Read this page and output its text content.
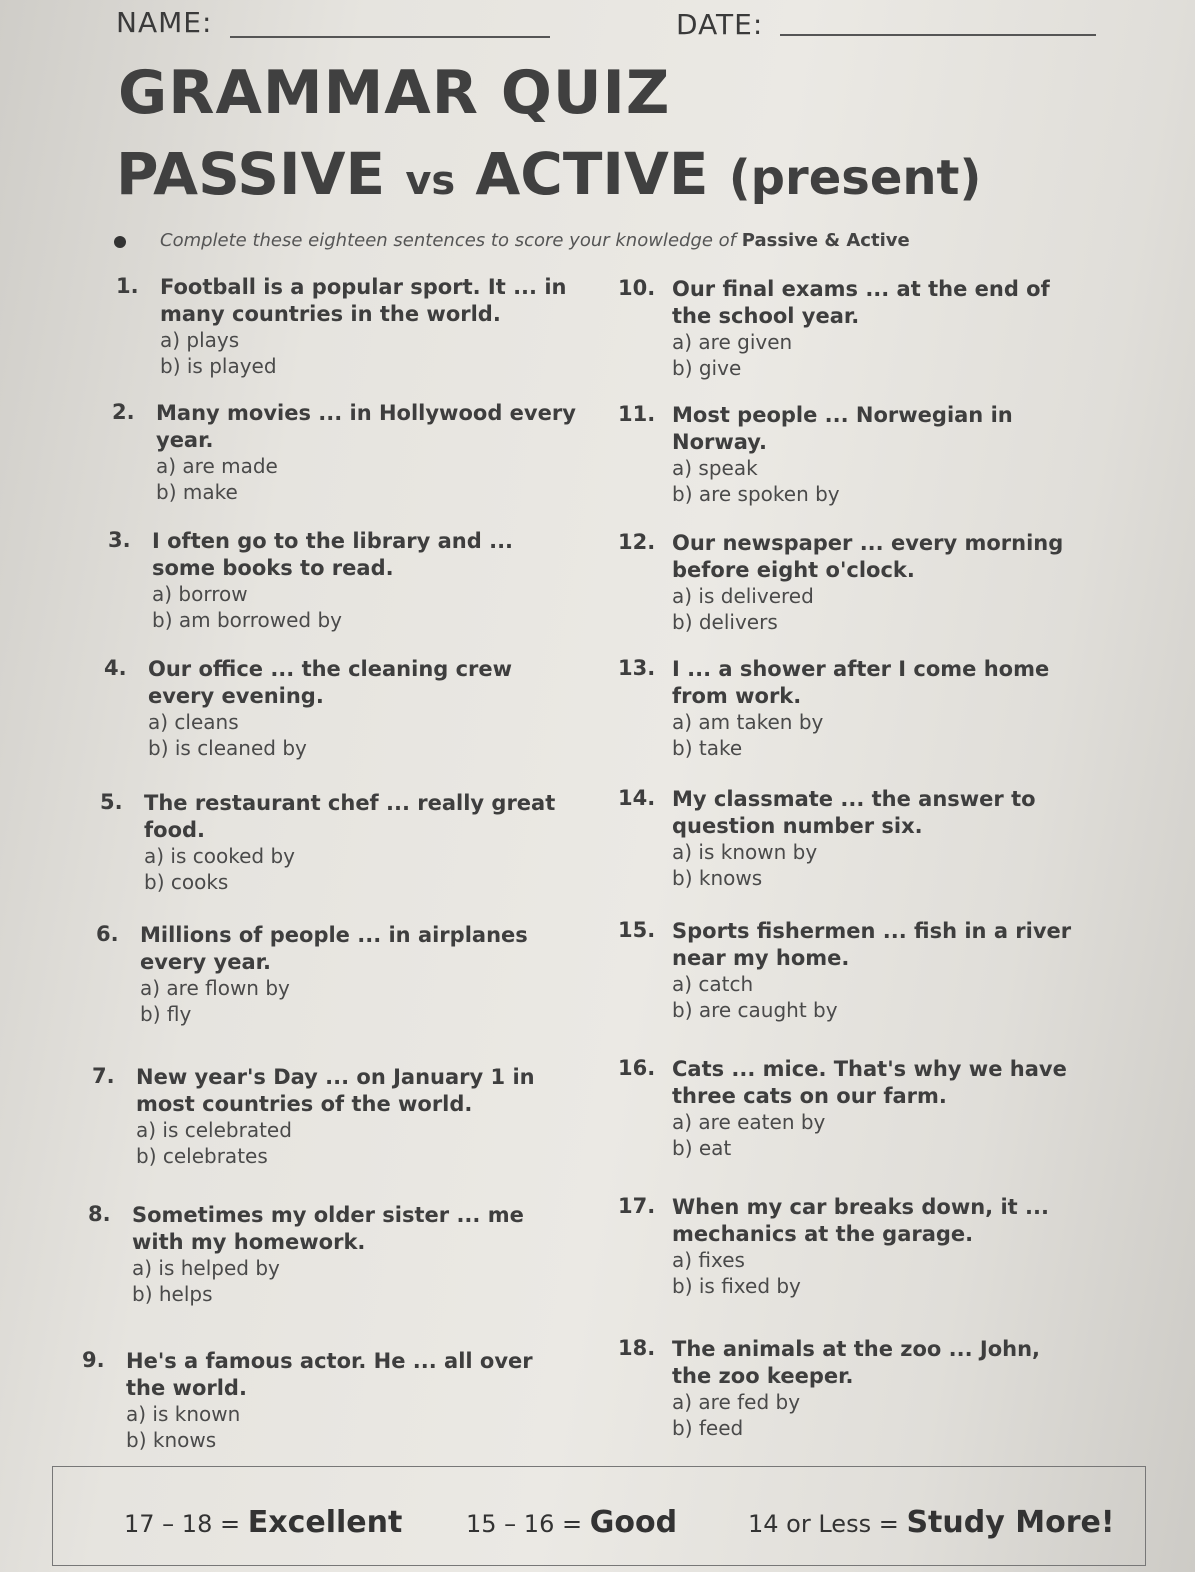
NAME:	DATE:
GRAMMAR QUIZ
PASSIVE vs ACTIVE (present)
Complete these eighteen sentences to score your knowledge of Passive & Active
1. Football is a popular sport. It ... in many countries in the world.
a) plays
b) is played
2. Many movies ... in Hollywood every year.
a) are made
b) make
3. I often go to the library and ... some books to read.
a) borrow
b) am borrowed by
4. Our office ... the cleaning crew every evening.
a) cleans
b) is cleaned by
5. The restaurant chef ... really great food.
a) is cooked by
b) cooks
6. Millions of people ... in airplanes every year.
a) are flown by
b) fly
7. New year's Day ... on January 1 in most countries of the world.
a) is celebrated
b) celebrates
8. Sometimes my older sister ... me with my homework.
a) is helped by
b) helps
9. He's a famous actor. He ... all over the world.
a) is known
b) knows
10. Our final exams ... at the end of the school year.
a) are given
b) give
11. Most people ... Norwegian in Norway.
a) speak
b) are spoken by
12. Our newspaper ... every morning before eight o'clock.
a) is delivered
b) delivers
13. I ... a shower after I come home from work.
a) am taken by
b) take
14. My classmate ... the answer to question number six.
a) is known by
b) knows
15. Sports fishermen ... fish in a river near my home.
a) catch
b) are caught by
16. Cats ... mice. That's why we have three cats on our farm.
a) are eaten by
b) eat
17. When my car breaks down, it ... mechanics at the garage.
a) fixes
b) is fixed by
18. The animals at the zoo ... John, the zoo keeper.
a) are fed by
b) feed
17 – 18 = Excellent	15 – 16 = Good	14 or Less = Study More!
